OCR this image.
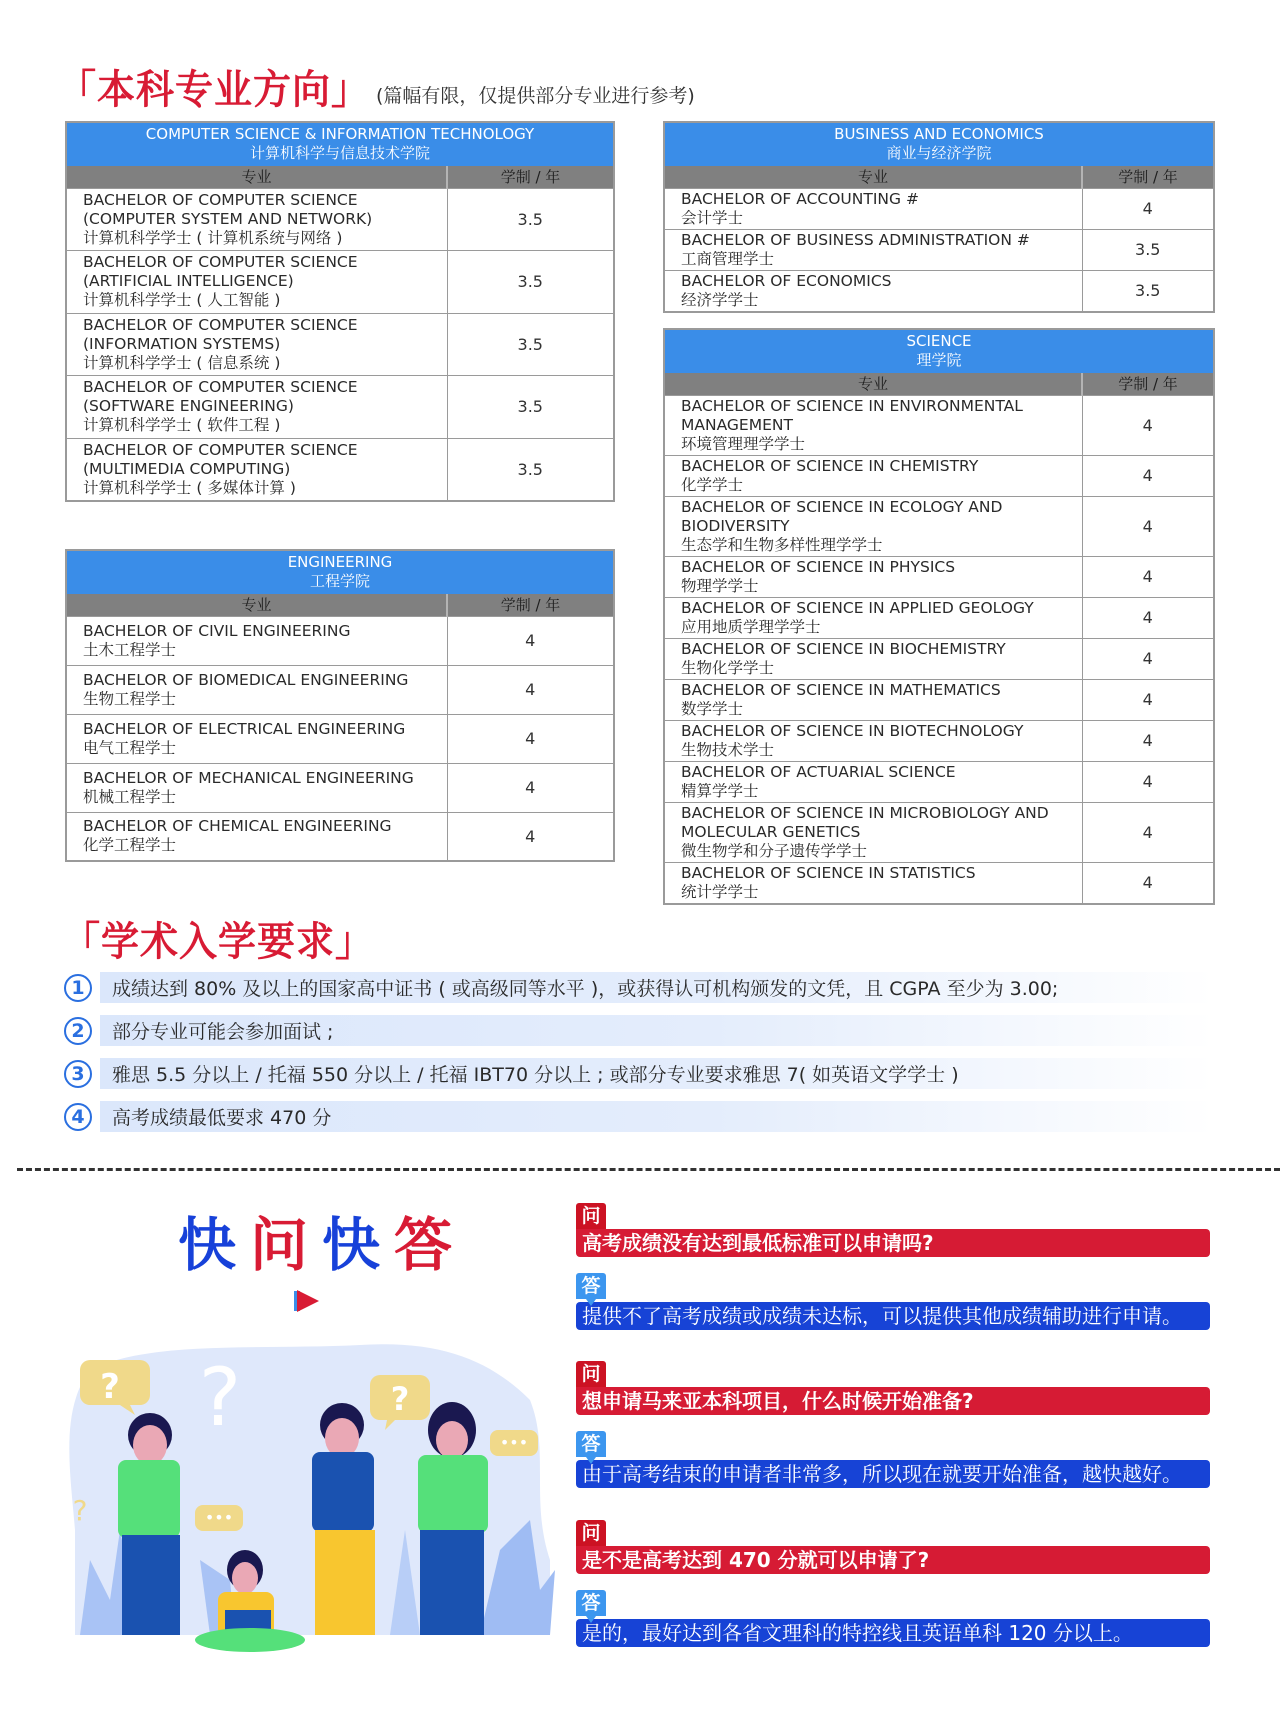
「本科专业方向」 (篇幅有限，仅提供部分专业进行参考)
COMPUTER SCIENCE & INFORMATION TECHNOLOGY
计算机科学与信息技术学院	

专业	学制 / 年

BACHELOR OF COMPUTER SCIENCE
(COMPUTER SYSTEM AND NETWORK)
计算机科学学士 ( 计算机系统与网络 )	3.5

BACHELOR OF COMPUTER SCIENCE
(ARTIFICIAL INTELLIGENCE)
计算机科学学士 ( 人工智能 )	3.5

BACHELOR OF COMPUTER SCIENCE
(INFORMATION SYSTEMS)
计算机科学学士 ( 信息系统 )	3.5

BACHELOR OF COMPUTER SCIENCE
(SOFTWARE ENGINEERING)
计算机科学学士 ( 软件工程 )	3.5

BACHELOR OF COMPUTER SCIENCE
(MULTIMEDIA COMPUTING)
计算机科学学士 ( 多媒体计算 )	3.5
ENGINEERING
工程学院	

专业	学制 / 年

BACHELOR OF CIVIL ENGINEERING
土木工程学士	4

BACHELOR OF BIOMEDICAL ENGINEERING
生物工程学士	4

BACHELOR OF ELECTRICAL ENGINEERING
电气工程学士	4

BACHELOR OF MECHANICAL ENGINEERING
机械工程学士	4

BACHELOR OF CHEMICAL ENGINEERING
化学工程学士	4
BUSINESS AND ECONOMICS
商业与经济学院	

专业	学制 / 年

BACHELOR OF ACCOUNTING #
会计学士	4

BACHELOR OF BUSINESS ADMINISTRATION #
工商管理学士	3.5

BACHELOR OF ECONOMICS
经济学学士	3.5
SCIENCE
理学院	

专业	学制 / 年

BACHELOR OF SCIENCE IN ENVIRONMENTAL
MANAGEMENT
环境管理理学学士	4

BACHELOR OF SCIENCE IN CHEMISTRY
化学学士	4

BACHELOR OF SCIENCE IN ECOLOGY AND
BIODIVERSITY
生态学和生物多样性理学学士	4

BACHELOR OF SCIENCE IN PHYSICS
物理学学士	4

BACHELOR OF SCIENCE IN APPLIED GEOLOGY
应用地质学理学学士	4

BACHELOR OF SCIENCE IN BIOCHEMISTRY
生物化学学士	4

BACHELOR OF SCIENCE IN MATHEMATICS
数学学士	4

BACHELOR OF SCIENCE IN BIOTECHNOLOGY
生物技术学士	4

BACHELOR OF ACTUARIAL SCIENCE
精算学学士	4

BACHELOR OF SCIENCE IN MICROBIOLOGY AND
MOLECULAR GENETICS
微生物学和分子遗传学学士	4

BACHELOR OF SCIENCE IN STATISTICS
统计学学士	4
「学术入学要求」
1	成绩达到 80% 及以上的国家高中证书 ( 或高级同等水平 )，或获得认可机构颁发的文凭，且 CGPA 至少为 3.00;
2	部分专业可能会参加面试 ;
3	雅思 5.5 分以上 / 托福 550 分以上 / 托福 IBT70 分以上 ; 或部分专业要求雅思 7( 如英语文学学士 )
4	高考成绩最低要求 470 分
快问快答
?	?
•••
•••
?
?
问
高考成绩没有达到最低标准可以申请吗?
答
提供不了高考成绩或成绩未达标，可以提供其他成绩辅助进行申请。
问
想申请马来亚本科项目，什么时候开始准备?
答
由于高考结束的申请者非常多，所以现在就要开始准备，越快越好。
问
是不是高考达到 470 分就可以申请了?
答
是的，最好达到各省文理科的特控线且英语单科 120 分以上。
